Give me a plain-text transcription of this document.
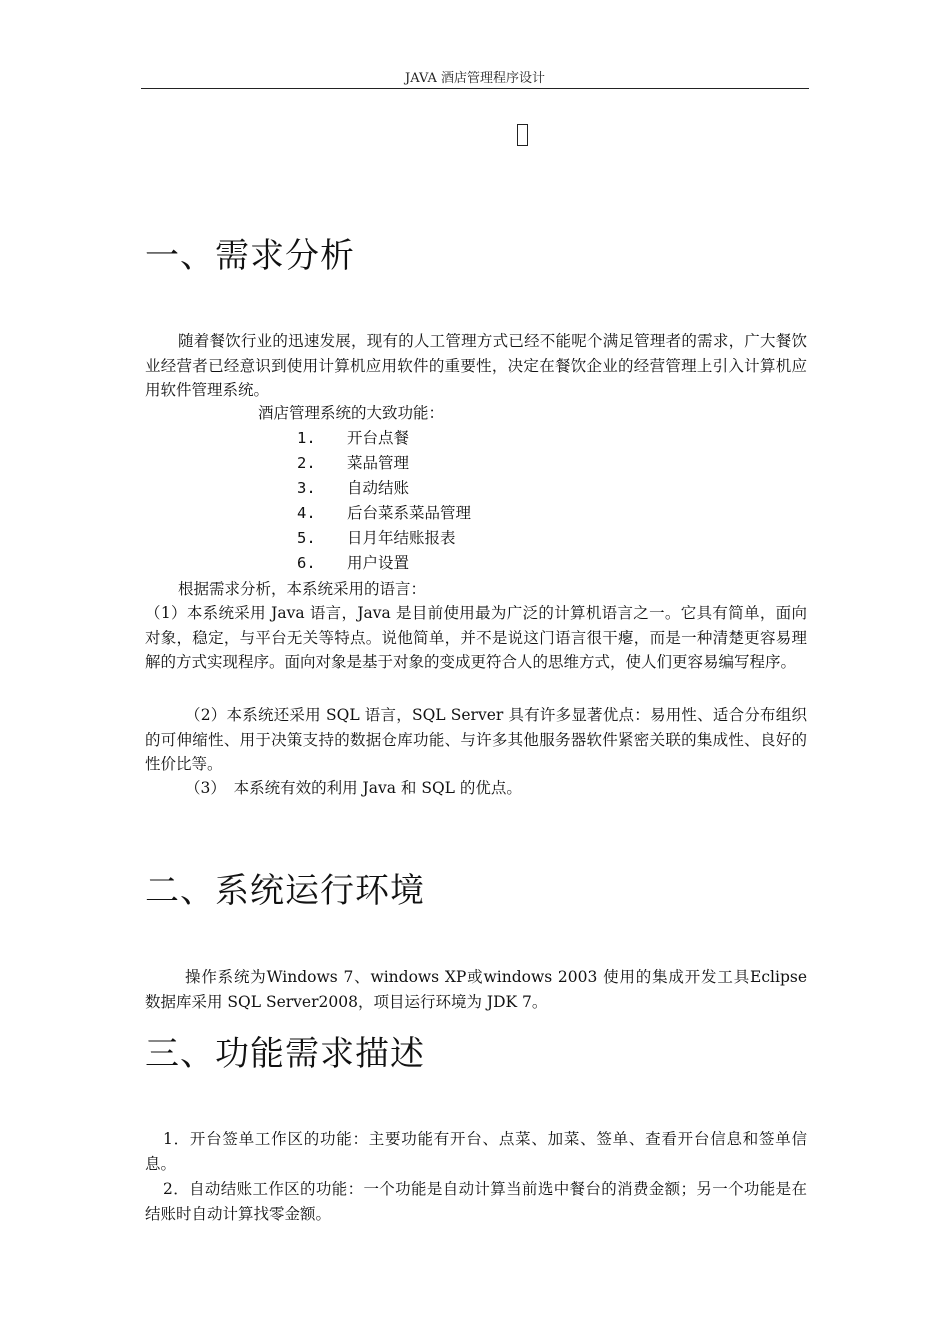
JAVA 酒店管理程序设计
一、需求分析

随着餐饮行业的迅速发展，现有的人工管理方式已经不能呢个满足管理者的需求，广大餐饮业经营者已经意识到使用计算机应用软件的重要性，决定在餐饮企业的经营管理上引入计算机应用软件管理系统。

酒店管理系统的大致功能：
1. 开台点餐
2. 菜品管理
3. 自动结账
4. 后台菜系菜品管理
5. 日月年结账报表
6. 用户设置

根据需求分析，本系统采用的语言：

（1）本系统采用 Java 语言，Java 是目前使用最为广泛的计算机语言之一。它具有简单，面向对象，稳定，与平台无关等特点。说他简单，并不是说这门语言很干瘪，而是一种清楚更容易理解的方式实现程序。面向对象是基于对象的变成更符合人的思维方式，使人们更容易编写程序。

（2）本系统还采用 SQL 语言，SQL Server 具有许多显著优点：易用性、适合分布组织的可伸缩性、用于决策支持的数据仓库功能、与许多其他服务器软件紧密关联的集成性、良好的性价比等。

（3）　本系统有效的利用 Java 和 SQL 的优点。

二、系统运行环境

操作系统为Windows 7、windows XP或windows 2003 使用的集成开发工具Eclipse 数据库采用 SQL Server2008，项目运行环境为 JDK 7。

三、功能需求描述

1．开台签单工作区的功能：主要功能有开台、点菜、加菜、签单、查看开台信息和签单信息。

2．自动结账工作区的功能：一个功能是自动计算当前选中餐台的消费金额；另一个功能是在结账时自动计算找零金额。
